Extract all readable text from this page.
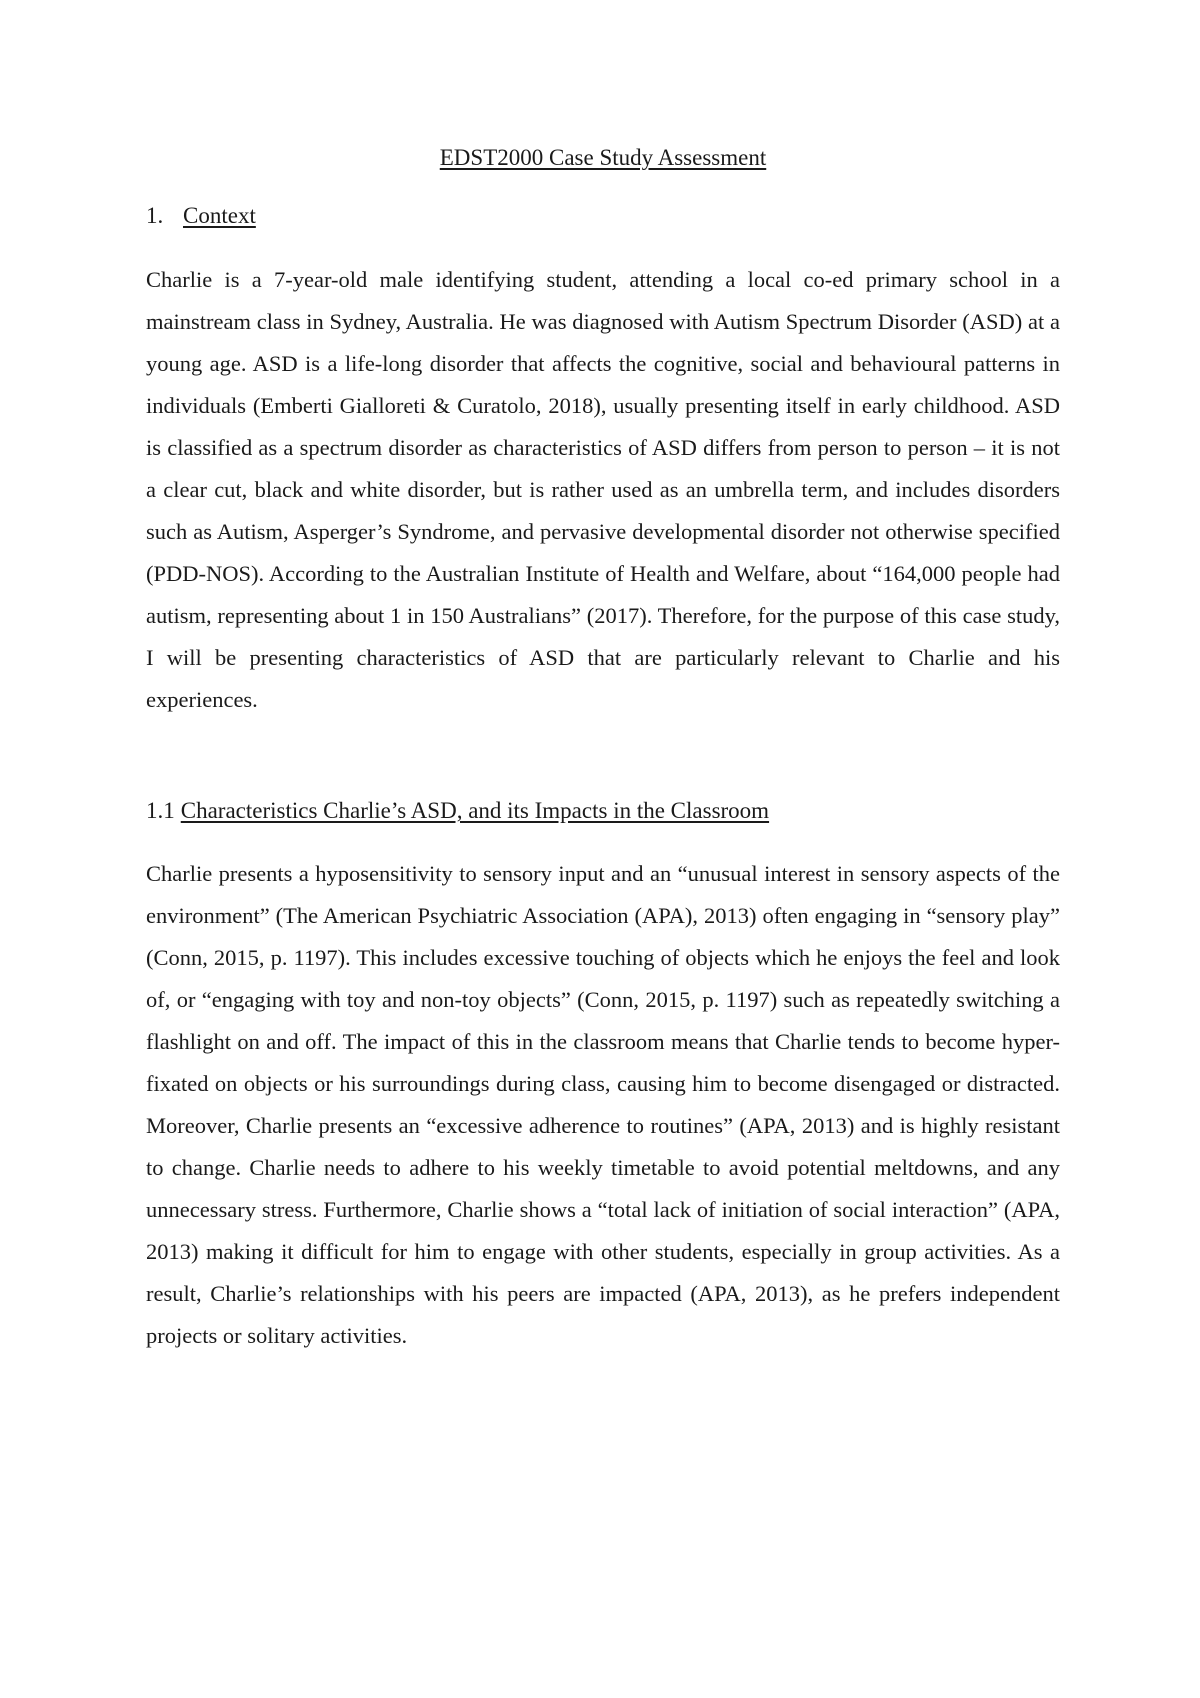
EDST2000 Case Study Assessment
1. Context

Charlie is a 7-year-old male identifying student, attending a local co-ed primary school in a mainstream class in Sydney, Australia. He was diagnosed with Autism Spectrum Disorder (ASD) at a young age. ASD is a life-long disorder that affects the cognitive, social and behavioural patterns in individuals (Emberti Gialloreti & Curatolo, 2018), usually presenting itself in early childhood. ASD is classified as a spectrum disorder as characteristics of ASD differs from person to person – it is not a clear cut, black and white disorder, but is rather used as an umbrella term, and includes disorders such as Autism, Asperger’s Syndrome, and pervasive developmental disorder not otherwise specified (PDD-NOS). According to the Australian Institute of Health and Welfare, about “164,000 people had autism, representing about 1 in 150 Australians” (2017). Therefore, for the purpose of this case study, I will be presenting characteristics of ASD that are particularly relevant to Charlie and his experiences.

1.1 Characteristics Charlie’s ASD, and its Impacts in the Classroom

Charlie presents a hyposensitivity to sensory input and an “unusual interest in sensory aspects of the environment” (The American Psychiatric Association (APA), 2013) often engaging in “sensory play” (Conn, 2015, p. 1197). This includes excessive touching of objects which he enjoys the feel and look of, or “engaging with toy and non-toy objects” (Conn, 2015, p. 1197) such as repeatedly switching a flashlight on and off. The impact of this in the classroom means that Charlie tends to become hyper-fixated on objects or his surroundings during class, causing him to become disengaged or distracted. Moreover, Charlie presents an “excessive adherence to routines” (APA, 2013) and is highly resistant to change. Charlie needs to adhere to his weekly timetable to avoid potential meltdowns, and any unnecessary stress. Furthermore, Charlie shows a “total lack of initiation of social interaction” (APA, 2013) making it difficult for him to engage with other students, especially in group activities. As a result, Charlie’s relationships with his peers are impacted (APA, 2013), as he prefers independent projects or solitary activities.
